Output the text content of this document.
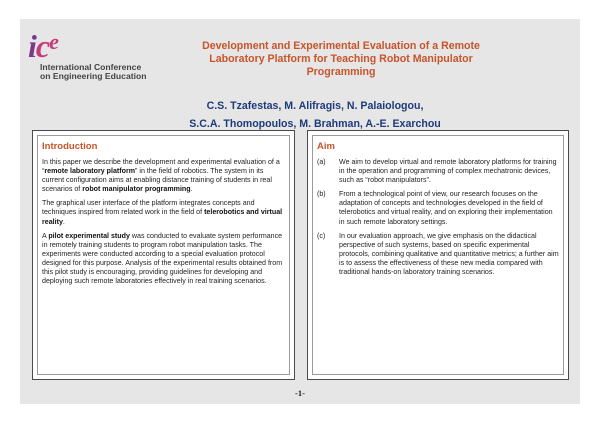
$ic^e$
International Conference
on Engineering Education
Development and Experimental Evaluation of a Remote Laboratory Platform for Teaching Robot Manipulator Programming
C.S. Tzafestas, M. Alifragis, N. Palaiologou,
S.C.A. Thomopoulos, M. Brahman, A.-E. Exarchou
Introduction

In this paper we describe the development and experimental evaluation of a “remote laboratory platform” in the field of robotics. The system in its current configuration aims at enabling distance training of students in real scenarios of robot manipulator programming.

The graphical user interface of the platform integrates concepts and techniques inspired from related work in the field of telerobotics and virtual reality.

A pilot experimental study was conducted to evaluate system performance in remotely training students to program robot manipulation tasks. The experiments were conducted according to a special evaluation protocol designed for this purpose. Analysis of the experimental results obtained from this pilot study is encouraging, providing guidelines for developing and deploying such remote laboratories effectively in real training scenarios.

Aim
(a) We aim to develop virtual and remote laboratory platforms for training in the operation and programming of complex mechatronic devices, such as “robot manipulators”.
(b) From a technological point of view, our research focuses on the adaptation of concepts and technologies developed in the field of telerobotics and virtual reality, and on exploring their implementation in such remote laboratory settings.
(c) In our evaluation approach, we give emphasis on the didactical perspective of such systems, based on specific experimental protocols, combining qualitative and quantitative metrics; a further aim is to assess the effectiveness of these new media compared with traditional hands-on laboratory training scenarios.
-1-
